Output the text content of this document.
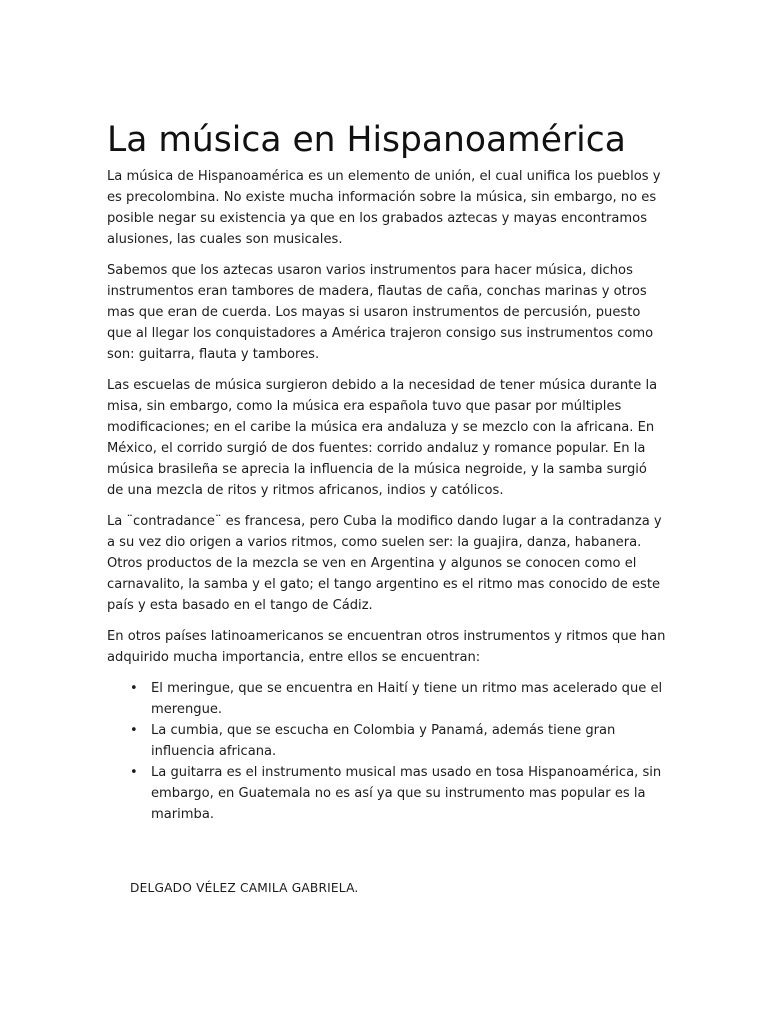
La música en Hispanoamérica

La música de Hispanoamérica es un elemento de unión, el cual unifica los pueblos y es precolombina. No existe mucha información sobre la música, sin embargo, no es posible negar su existencia ya que en los grabados aztecas y mayas encontramos alusiones, las cuales son musicales.

Sabemos que los aztecas usaron varios instrumentos para hacer música, dichos instrumentos eran tambores de madera, flautas de caña, conchas marinas y otros mas que eran de cuerda. Los mayas si usaron instrumentos de percusión, puesto que al llegar los conquistadores a América trajeron consigo sus instrumentos como son: guitarra, flauta y tambores.

Las escuelas de música surgieron debido a la necesidad de tener música durante la misa, sin embargo, como la música era española tuvo que pasar por múltiples modificaciones; en el caribe la música era andaluza y se mezclo con la africana. En México, el corrido surgió de dos fuentes: corrido andaluz y romance popular. En la música brasileña se aprecia la influencia de la música negroide, y la samba surgió de una mezcla de ritos y ritmos africanos, indios y católicos.

La ¨contradance¨ es francesa, pero Cuba la modifico dando lugar a la contradanza y a su vez dio origen a varios ritmos, como suelen ser: la guajira, danza, habanera. Otros productos de la mezcla se ven en Argentina y algunos se conocen como el carnavalito, la samba y el gato; el tango argentino es el ritmo mas conocido de este país y esta basado en el tango de Cádiz.

En otros países latinoamericanos se encuentran otros instrumentos y ritmos que han adquirido mucha importancia, entre ellos se encuentran:

• El meringue, que se encuentra en Haití y tiene un ritmo mas acelerado que el merengue.
• La cumbia, que se escucha en Colombia y Panamá, además tiene gran influencia africana.
• La guitarra es el instrumento musical mas usado en tosa Hispanoamérica, sin embargo, en Guatemala no es así ya que su instrumento mas popular es la marimba.
DELGADO VÉLEZ CAMILA GABRIELA.
